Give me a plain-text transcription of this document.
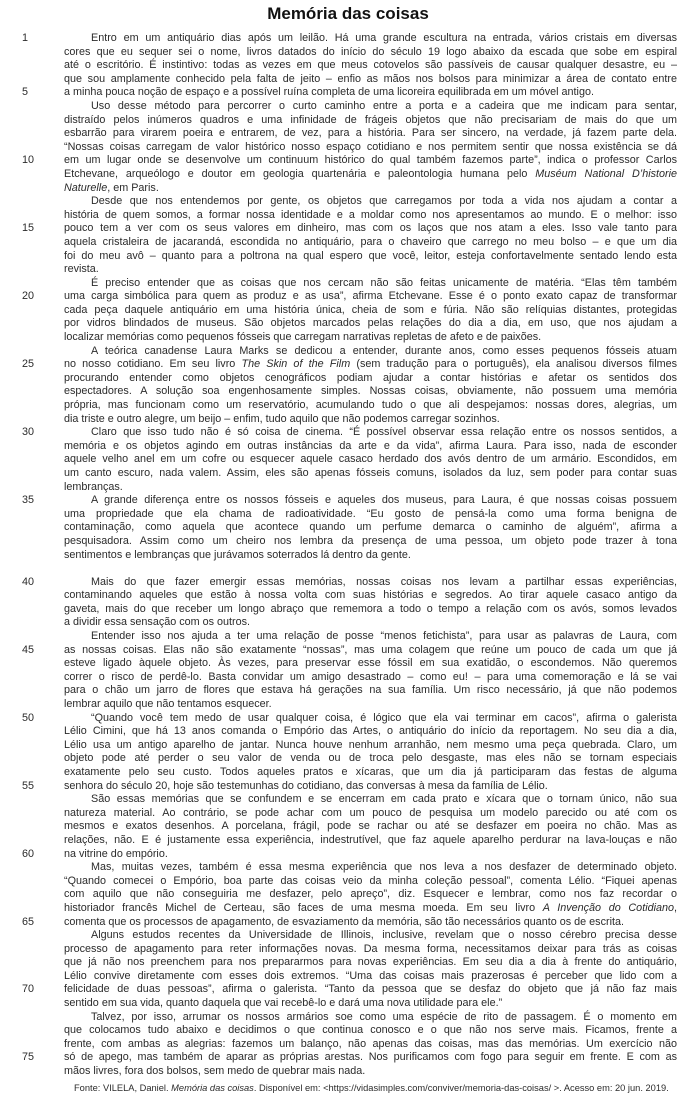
Memória das coisas
1	Entro em um antiquário dias após um leilão. Há uma grande escultura na entrada, vários cristais em diversas
cores que eu sequer sei o nome, livros datados do início do século 19 logo abaixo da escada que sobe em espiral
até o escritório. É instintivo: todas as vezes em que meus cotovelos são passíveis de causar qualquer desastre, eu –
que sou amplamente conhecido pela falta de jeito – enfio as mãos nos bolsos para minimizar a área de contato entre
5	a minha pouca noção de espaço e a possível ruína completa de uma licoreira equilibrada em um móvel antigo.
Uso desse método para percorrer o curto caminho entre a porta e a cadeira que me indicam para sentar,
distraído pelos inúmeros quadros e uma infinidade de frágeis objetos que não precisariam de mais do que um
esbarrão para virarem poeira e entrarem, de vez, para a história. Para ser sincero, na verdade, já fazem parte dela.
“Nossas coisas carregam de valor histórico nosso espaço cotidiano e nos permitem sentir que nossa existência se dá
10	em um lugar onde se desenvolve um continuum histórico do qual também fazemos parte”, indica o professor Carlos
Etchevane, arqueólogo e doutor em geologia quartenária e paleontologia humana pelo Muséum National D’historie
Naturelle, em Paris.
Desde que nos entendemos por gente, os objetos que carregamos por toda a vida nos ajudam a contar a
história de quem somos, a formar nossa identidade e a moldar como nos apresentamos ao mundo. E o melhor: isso
15	pouco tem a ver com os seus valores em dinheiro, mas com os laços que nos atam a eles. Isso vale tanto para
aquela cristaleira de jacarandá, escondida no antiquário, para o chaveiro que carrego no meu bolso – e que um dia
foi do meu avô – quanto para a poltrona na qual espero que você, leitor, esteja confortavelmente sentado lendo esta
revista.
É preciso entender que as coisas que nos cercam não são feitas unicamente de matéria. “Elas têm também
20	uma carga simbólica para quem as produz e as usa”, afirma Etchevane. Esse é o ponto exato capaz de transformar
cada peça daquele antiquário em uma história única, cheia de som e fúria. Não são relíquias distantes, protegidas
por vidros blindados de museus. São objetos marcados pelas relações do dia a dia, em uso, que nos ajudam a
localizar memórias como pequenos fósseis que carregam narrativas repletas de afeto e de paixões.
A teórica canadense Laura Marks se dedicou a entender, durante anos, como esses pequenos fósseis atuam
25	no nosso cotidiano. Em seu livro The Skin of the Film (sem tradução para o português), ela analisou diversos filmes
procurando entender como objetos cenográficos podiam ajudar a contar histórias e afetar os sentidos dos
espectadores. A solução soa engenhosamente simples. Nossas coisas, obviamente, não possuem uma memória
própria, mas funcionam como um reservatório, acumulando tudo o que ali despejamos: nossas dores, alegrias, um
dia triste e outro alegre, um beijo – enfim, tudo aquilo que não podemos carregar sozinhos.
30	Claro que isso tudo não é só coisa de cinema. “É possível observar essa relação entre os nossos sentidos, a
memória e os objetos agindo em outras instâncias da arte e da vida”, afirma Laura. Para isso, nada de esconder
aquele velho anel em um cofre ou esquecer aquele casaco herdado dos avós dentro de um armário. Escondidos, em
um canto escuro, nada valem. Assim, eles são apenas fósseis comuns, isolados da luz, sem poder para contar suas
lembranças.
35	A grande diferença entre os nossos fósseis e aqueles dos museus, para Laura, é que nossas coisas possuem
uma propriedade que ela chama de radioatividade. “Eu gosto de pensá-la como uma forma benigna de
contaminação, como aquela que acontece quando um perfume demarca o caminho de alguém”, afirma a
pesquisadora. Assim como um cheiro nos lembra da presença de uma pessoa, um objeto pode trazer à tona
sentimentos e lembranças que jurávamos soterrados lá dentro da gente.
40	Mais do que fazer emergir essas memórias, nossas coisas nos levam a partilhar essas experiências,
contaminando aqueles que estão à nossa volta com suas histórias e segredos. Ao tirar aquele casaco antigo da
gaveta, mais do que receber um longo abraço que rememora a todo o tempo a relação com os avós, somos levados
a dividir essa sensação com os outros.
Entender isso nos ajuda a ter uma relação de posse “menos fetichista”, para usar as palavras de Laura, com
45	as nossas coisas. Elas não são exatamente “nossas”, mas uma colagem que reúne um pouco de cada um que já
esteve ligado àquele objeto. Às vezes, para preservar esse fóssil em sua exatidão, o escondemos. Não queremos
correr o risco de perdê-lo. Basta convidar um amigo desastrado – como eu! – para uma comemoração e lá se vai
para o chão um jarro de flores que estava há gerações na sua família. Um risco necessário, já que não podemos
lembrar aquilo que não tentamos esquecer.
50	“Quando você tem medo de usar qualquer coisa, é lógico que ela vai terminar em cacos”, afirma o galerista
Lélio Cimini, que há 13 anos comanda o Empório das Artes, o antiquário do início da reportagem. No seu dia a dia,
Lélio usa um antigo aparelho de jantar. Nunca houve nenhum arranhão, nem mesmo uma peça quebrada. Claro, um
objeto pode até perder o seu valor de venda ou de troca pelo desgaste, mas eles não se tornam especiais
exatamente pelo seu custo. Todos aqueles pratos e xícaras, que um dia já participaram das festas de alguma
55	senhora do século 20, hoje são testemunhas do cotidiano, das conversas à mesa da família de Lélio.
São essas memórias que se confundem e se encerram em cada prato e xícara que o tornam único, não sua
natureza material. Ao contrário, se pode achar com um pouco de pesquisa um modelo parecido ou até com os
mesmos e exatos desenhos. A porcelana, frágil, pode se rachar ou até se desfazer em poeira no chão. Mas as
relações, não. E é justamente essa experiência, indestrutível, que faz aquele aparelho perdurar na lava-louças e não
60	na vitrine do empório.
Mas, muitas vezes, também é essa mesma experiência que nos leva a nos desfazer de determinado objeto.
“Quando comecei o Empório, boa parte das coisas veio da minha coleção pessoal”, comenta Lélio. “Fiquei apenas
com aquilo que não conseguiria me desfazer, pelo apreço”, diz. Esquecer e lembrar, como nos faz recordar o
historiador francês Michel de Certeau, são faces de uma mesma moeda. Em seu livro A Invenção do Cotidiano,
65	comenta que os processos de apagamento, de esvaziamento da memória, são tão necessários quanto os de escrita.
Alguns estudos recentes da Universidade de Illinois, inclusive, revelam que o nosso cérebro precisa desse
processo de apagamento para reter informações novas. Da mesma forma, necessitamos deixar para trás as coisas
que já não nos preenchem para nos prepararmos para novas experiências. Em seu dia a dia à frente do antiquário,
Lélio convive diretamente com esses dois extremos. “Uma das coisas mais prazerosas é perceber que lido com a
70	felicidade de duas pessoas”, afirma o galerista. “Tanto da pessoa que se desfaz do objeto que já não faz mais
sentido em sua vida, quanto daquela que vai recebê-lo e dará uma nova utilidade para ele.”
Talvez, por isso, arrumar os nossos armários soe como uma espécie de rito de passagem. É o momento em
que colocamos tudo abaixo e decidimos o que continua conosco e o que não nos serve mais. Ficamos, frente a
frente, com ambas as alegrias: fazemos um balanço, não apenas das coisas, mas das memórias. Um exercício não
75	só de apego, mas também de aparar as próprias arestas. Nos purificamos com fogo para seguir em frente. E com as
mãos livres, fora dos bolsos, sem medo de quebrar mais nada.
Fonte: VILELA, Daniel. Memória das coisas. Disponível em: <https://vidasimples.com/conviver/memoria-das-coisas/ >. Acesso em: 20 jun. 2019.
